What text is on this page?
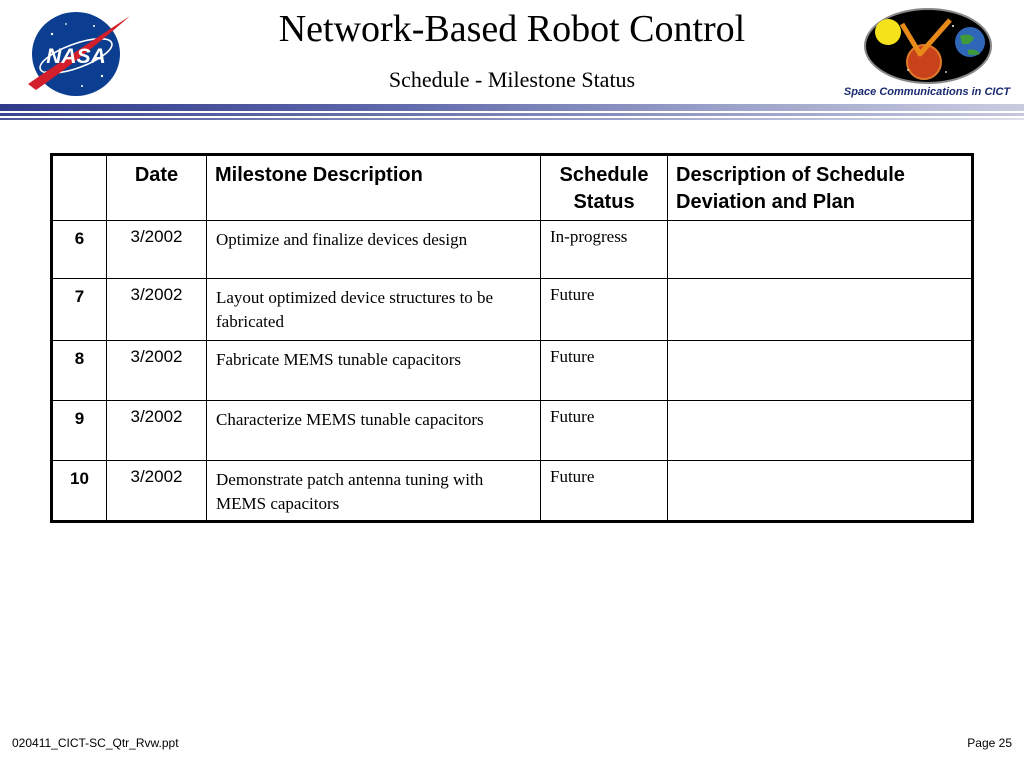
NASA
Network-Based Robot Control
Schedule - Milestone Status	Space Communications in CICT
	Date	Milestone Description	Schedule Status	Description of Schedule Deviation and Plan
6	3/2002	Optimize and finalize devices design	In-progress	
7	3/2002	Layout optimized device structures to be fabricated	Future	
8	3/2002	Fabricate MEMS tunable capacitors	Future	
9	3/2002	Characterize MEMS tunable capacitors	Future	
10	3/2002	Demonstrate patch antenna tuning with MEMS capacitors	Future	
020411_CICT-SC_Qtr_Rvw.ppt	Page 25
